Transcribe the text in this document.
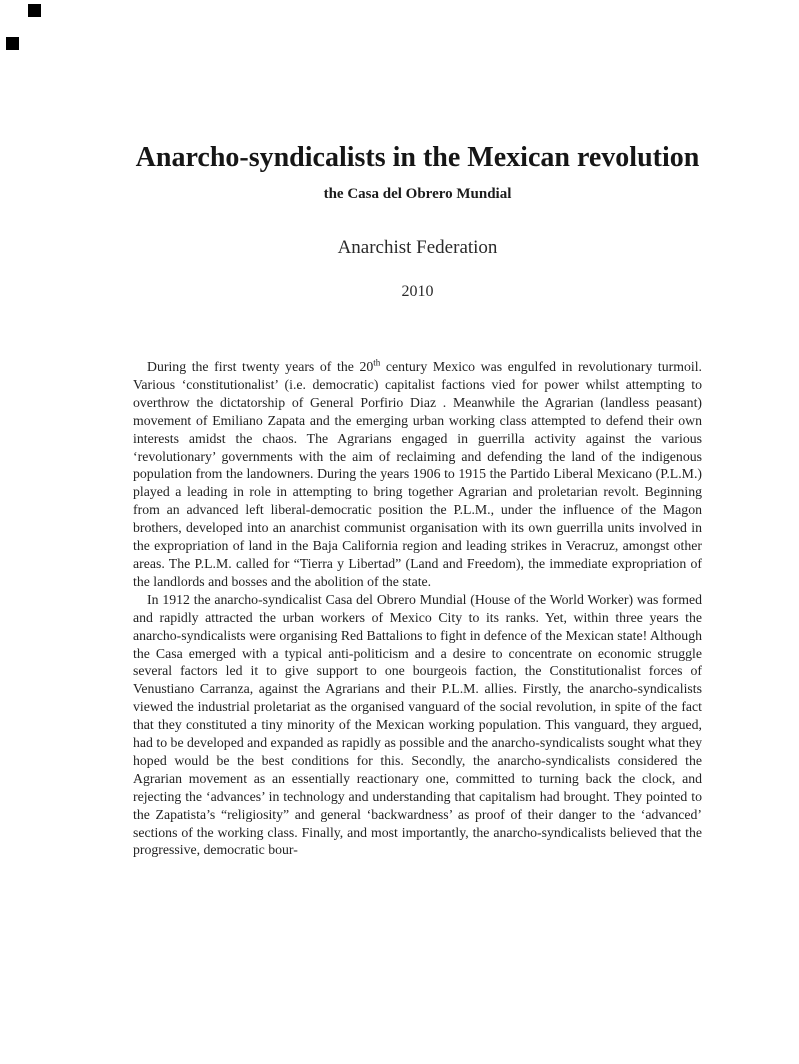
Anarcho-syndicalists in the Mexican revolution
the Casa del Obrero Mundial
Anarchist Federation
2010

During the first twenty years of the 20th century Mexico was engulfed in revolutionary turmoil. Various ‘constitutionalist’ (i.e. democratic) capitalist factions vied for power whilst attempting to overthrow the dictatorship of General Porfirio Diaz . Meanwhile the Agrarian (landless peasant) movement of Emiliano Zapata and the emerging urban working class attempted to defend their own interests amidst the chaos. The Agrarians engaged in guerrilla activity against the various ‘revolutionary’ governments with the aim of reclaiming and defending the land of the indigenous population from the landowners. During the years 1906 to 1915 the Partido Liberal Mexicano (P.L.M.) played a leading in role in attempting to bring together Agrarian and proletarian revolt. Beginning from an advanced left liberal-democratic position the P.L.M., under the influence of the Magon brothers, developed into an anarchist communist organisation with its own guerrilla units involved in the expropriation of land in the Baja California region and leading strikes in Veracruz, amongst other areas. The P.L.M. called for “Tierra y Libertad” (Land and Freedom), the immediate expropriation of the landlords and bosses and the abolition of the state.

In 1912 the anarcho-syndicalist Casa del Obrero Mundial (House of the World Worker) was formed and rapidly attracted the urban workers of Mexico City to its ranks. Yet, within three years the anarcho-syndicalists were organising Red Battalions to fight in defence of the Mexican state! Although the Casa emerged with a typical anti-politicism and a desire to concentrate on economic struggle several factors led it to give support to one bourgeois faction, the Constitutionalist forces of Venustiano Carranza, against the Agrarians and their P.L.M. allies. Firstly, the anarcho-syndicalists viewed the industrial proletariat as the organised vanguard of the social revolution, in spite of the fact that they constituted a tiny minority of the Mexican working population. This vanguard, they argued, had to be developed and expanded as rapidly as possible and the anarcho-syndicalists sought what they hoped would be the best conditions for this. Secondly, the anarcho-syndicalists considered the Agrarian movement as an essentially reactionary one, committed to turning back the clock, and rejecting the ‘advances’ in technology and understanding that capitalism had brought. They pointed to the Zapatista’s “religiosity” and general ‘backwardness’ as proof of their danger to the ‘advanced’ sections of the working class. Finally, and most importantly, the anarcho-syndicalists believed that the progressive, democratic bour-
